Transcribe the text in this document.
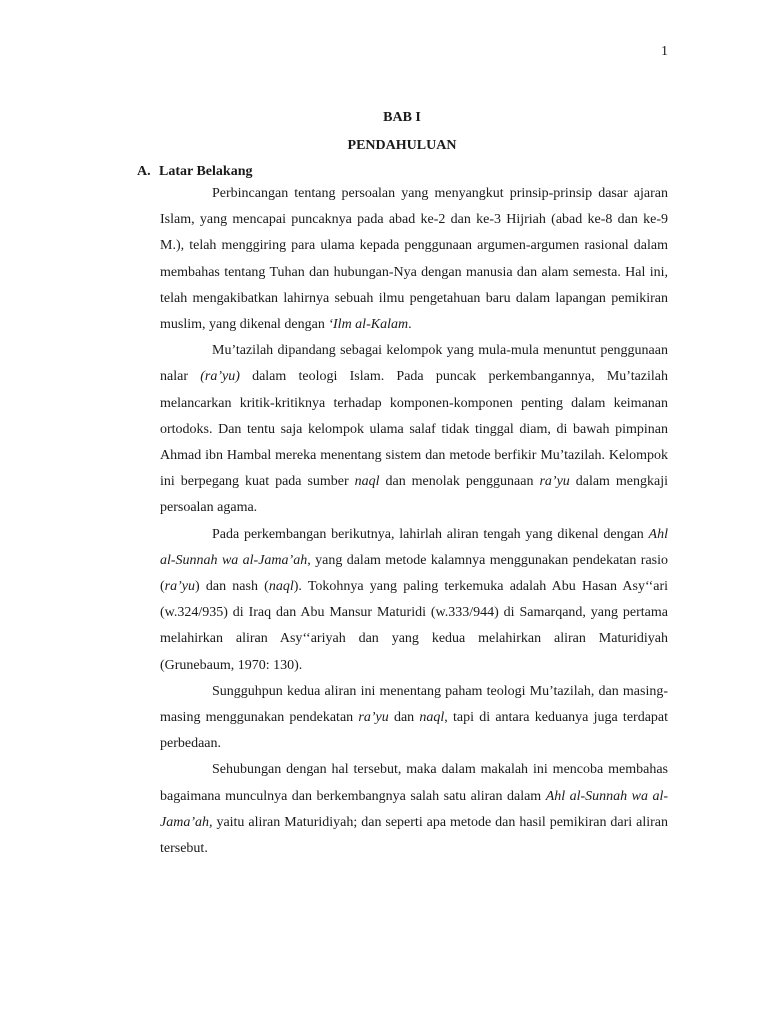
1
BAB I
PENDAHULUAN
A. Latar Belakang

Perbincangan tentang persoalan yang menyangkut prinsip-prinsip dasar ajaran Islam, yang mencapai puncaknya pada abad ke-2 dan ke-3 Hijriah (abad ke-8 dan ke-9 M.), telah menggiring para ulama kepada penggunaan argumen-argumen rasional dalam membahas tentang Tuhan dan hubungan-Nya dengan manusia dan alam semesta. Hal ini, telah mengakibatkan lahirnya sebuah ilmu pengetahuan baru dalam lapangan pemikiran muslim, yang dikenal dengan ‘Ilm al-Kalam.

Mu’tazilah dipandang sebagai kelompok yang mula-mula menuntut penggunaan nalar (ra’yu) dalam teologi Islam. Pada puncak perkembangannya, Mu’tazilah melancarkan kritik-kritiknya terhadap komponen-komponen penting dalam keimanan ortodoks. Dan tentu saja kelompok ulama salaf tidak tinggal diam, di bawah pimpinan Ahmad ibn Hambal mereka menentang sistem dan metode berfikir Mu’tazilah. Kelompok ini berpegang kuat pada sumber naql dan menolak penggunaan ra’yu dalam mengkaji persoalan agama.

Pada perkembangan berikutnya, lahirlah aliran tengah yang dikenal dengan Ahl al-Sunnah wa al-Jama’ah, yang dalam metode kalamnya menggunakan pendekatan rasio (ra’yu) dan nash (naql). Tokohnya yang paling terkemuka adalah Abu Hasan Asy‘‘ari (w.324/935) di Iraq dan Abu Mansur Maturidi (w.333/944) di Samarqand, yang pertama melahirkan aliran Asy‘‘ariyah dan yang kedua melahirkan aliran Maturidiyah (Grunebaum, 1970: 130).

Sungguhpun kedua aliran ini menentang paham teologi Mu’tazilah, dan masing-masing menggunakan pendekatan ra’yu dan naql, tapi di antara keduanya juga terdapat perbedaan.

Sehubungan dengan hal tersebut, maka dalam makalah ini mencoba membahas bagaimana munculnya dan berkembangnya salah satu aliran dalam Ahl al-Sunnah wa al-Jama’ah, yaitu aliran Maturidiyah; dan seperti apa metode dan hasil pemikiran dari aliran tersebut.
